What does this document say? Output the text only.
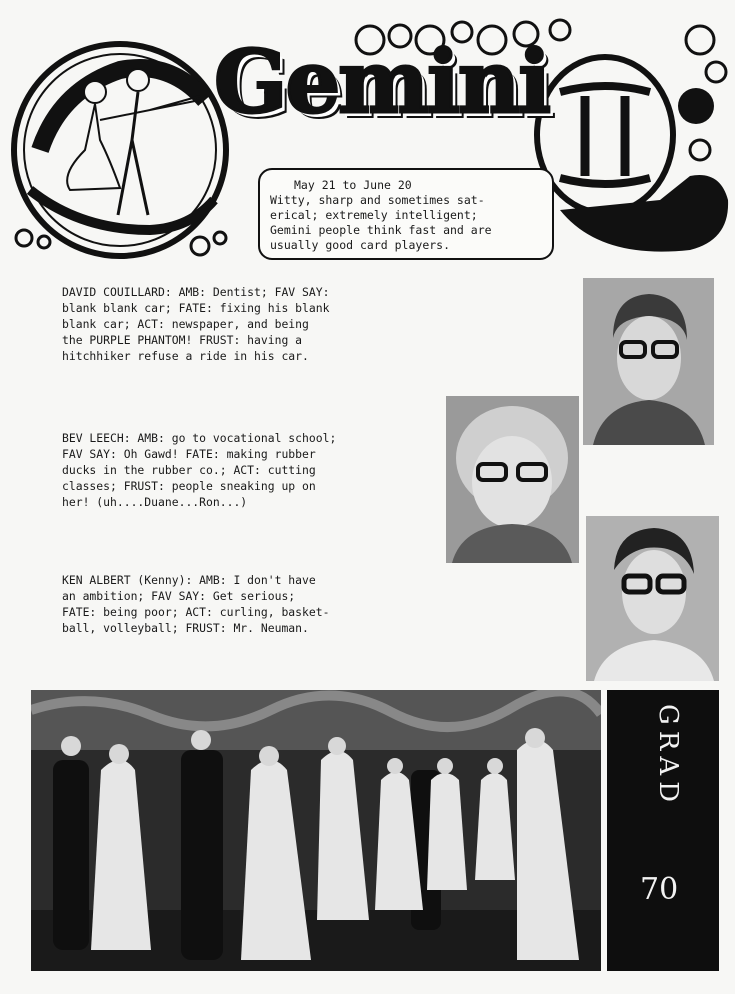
Gemini
May 21 to June 20
Witty, sharp and sometimes sat-
erical; extremely intelligent;
Gemini people think fast and are
usually good card players.
DAVID COUILLARD: AMB: Dentist; FAV SAY:
blank blank car; FATE: fixing his blank
blank car; ACT: newspaper, and being
the PURPLE PHANTOM! FRUST: having a
hitchhiker refuse a ride in his car.
BEV LEECH: AMB: go to vocational school;
FAV SAY: Oh Gawd! FATE: making rubber
ducks in the rubber co.; ACT: cutting
classes; FRUST: people sneaking up on
her! (uh....Duane...Ron...)
KEN ALBERT (Kenny): AMB: I don't have
an ambition; FAV SAY: Get serious;
FATE: being poor; ACT: curling, basket-
ball, volleyball; FRUST: Mr. Neuman.
GRAD
70
